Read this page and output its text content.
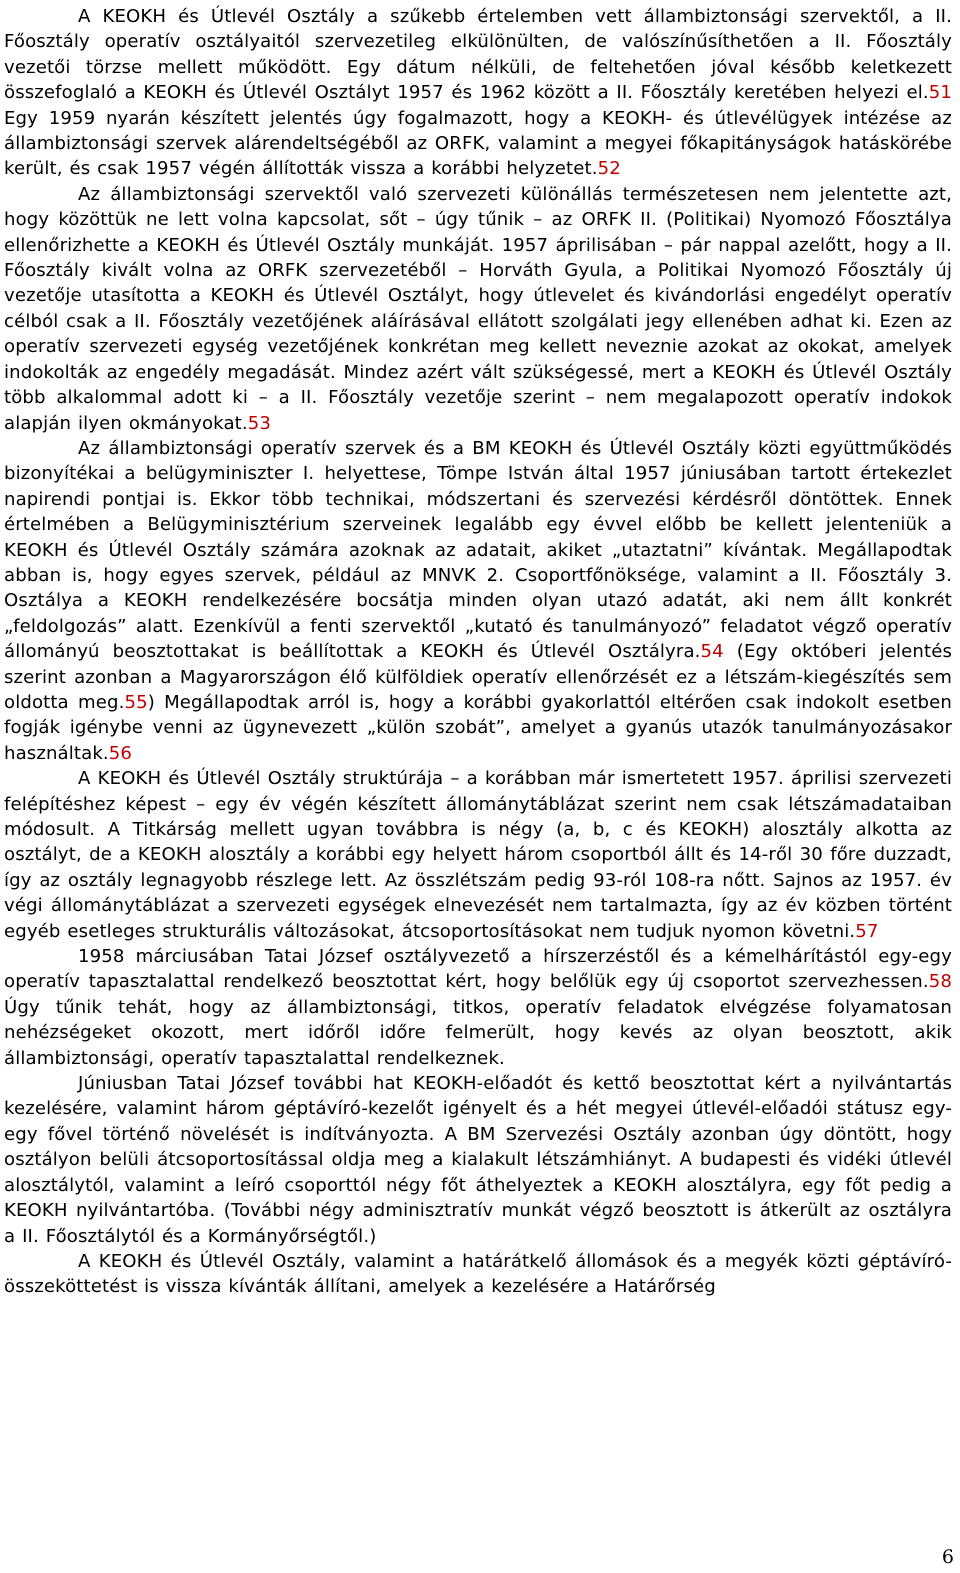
A KEOKH és Útlevél Osztály a szűkebb értelemben vett állambiztonsági szervektől, a II. Főosztály operatív osztályaitól szervezetileg elkülönülten, de valószínűsíthetően a II. Főosztály vezetői törzse mellett működött. Egy dátum nélküli, de feltehetően jóval később keletkezett összefoglaló a KEOKH és Útlevél Osztályt 1957 és 1962 között a II. Főosztály keretében helyezi el.51 Egy 1959 nyarán készített jelentés úgy fogalmazott, hogy a KEOKH- és útlevélügyek intézése az állambiztonsági szervek alárendeltségéből az ORFK, valamint a megyei főkapitányságok hatáskörébe került, és csak 1957 végén állították vissza a korábbi helyzetet.52

Az állambiztonsági szervektől való szervezeti különállás természetesen nem jelentette azt, hogy közöttük ne lett volna kapcsolat, sőt – úgy tűnik – az ORFK II. (Politikai) Nyomozó Főosztálya ellenőrizhette a KEOKH és Útlevél Osztály munkáját. 1957 áprilisában – pár nappal azelőtt, hogy a II. Főosztály kivált volna az ORFK szervezetéből – Horváth Gyula, a Politikai Nyomozó Főosztály új vezetője utasította a KEOKH és Útlevél Osztályt, hogy útlevelet és kivándorlási engedélyt operatív célból csak a II. Főosztály vezetőjének aláírásával ellátott szolgálati jegy ellenében adhat ki. Ezen az operatív szervezeti egység vezetőjének konkrétan meg kellett neveznie azokat az okokat, amelyek indokolták az engedély megadását. Mindez azért vált szükségessé, mert a KEOKH és Útlevél Osztály több alkalommal adott ki – a II. Főosztály vezetője szerint – nem megalapozott operatív indokok alapján ilyen okmányokat.53

Az állambiztonsági operatív szervek és a BM KEOKH és Útlevél Osztály közti együttműködés bizonyítékai a belügyminiszter I. helyettese, Tömpe István által 1957 júniusában tartott értekezlet napirendi pontjai is. Ekkor több technikai, módszertani és szervezési kérdésről döntöttek. Ennek értelmében a Belügyminisztérium szerveinek legalább egy évvel előbb be kellett jelenteniük a KEOKH és Útlevél Osztály számára azoknak az adatait, akiket „utaztatni” kívántak. Megállapodtak abban is, hogy egyes szervek, például az MNVK 2. Csoportfőnöksége, valamint a II. Főosztály 3. Osztálya a KEOKH rendelkezésére bocsátja minden olyan utazó adatát, aki nem állt konkrét „feldolgozás” alatt. Ezenkívül a fenti szervektől „kutató és tanulmányozó” feladatot végző operatív állományú beosztottakat is beállítottak a KEOKH és Útlevél Osztályra.54 (Egy októberi jelentés szerint azonban a Magyarországon élő külföldiek operatív ellenőrzését ez a létszám-kiegészítés sem oldotta meg.55) Megállapodtak arról is, hogy a korábbi gyakorlattól eltérően csak indokolt esetben fogják igénybe venni az ügynevezett „külön szobát”, amelyet a gyanús utazók tanulmányozásakor használtak.56

A KEOKH és Útlevél Osztály struktúrája – a korábban már ismertetett 1957. áprilisi szervezeti felépítéshez képest – egy év végén készített állománytáblázat szerint nem csak létszámadataiban módosult. A Titkárság mellett ugyan továbbra is négy (a, b, c és KEOKH) alosztály alkotta az osztályt, de a KEOKH alosztály a korábbi egy helyett három csoportból állt és 14-ről 30 főre duzzadt, így az osztály legnagyobb részlege lett. Az összlétszám pedig 93-ról 108-ra nőtt. Sajnos az 1957. év végi állománytáblázat a szervezeti egységek elnevezését nem tartalmazta, így az év közben történt egyéb esetleges strukturális változásokat, átcsoportosításokat nem tudjuk nyomon követni.57

1958 márciusában Tatai József osztályvezető a hírszerzéstől és a kémelhárítástól egy-egy operatív tapasztalattal rendelkező beosztottat kért, hogy belőlük egy új csoportot szervezhessen.58 Úgy tűnik tehát, hogy az állambiztonsági, titkos, operatív feladatok elvégzése folyamatosan nehézségeket okozott, mert időről időre felmerült, hogy kevés az olyan beosztott, akik állambiztonsági, operatív tapasztalattal rendelkeznek.

Júniusban Tatai József további hat KEOKH-előadót és kettő beosztottat kért a nyilvántartás kezelésére, valamint három géptávíró-kezelőt igényelt és a hét megyei útlevél-előadói státusz egy-egy fővel történő növelését is indítványozta. A BM Szervezési Osztály azonban úgy döntött, hogy osztályon belüli átcsoportosítással oldja meg a kialakult létszámhiányt. A budapesti és vidéki útlevél alosztálytól, valamint a leíró csoporttól négy főt áthelyeztek a KEOKH alosztályra, egy főt pedig a KEOKH nyilvántartóba. (További négy adminisztratív munkát végző beosztott is átkerült az osztályra a II. Főosztálytól és a Kormányőrségtől.)

A KEOKH és Útlevél Osztály, valamint a határátkelő állomások és a megyék közti géptávíró-összeköttetést is vissza kívánták állítani, amelyek a kezelésére a Határőrség

6
